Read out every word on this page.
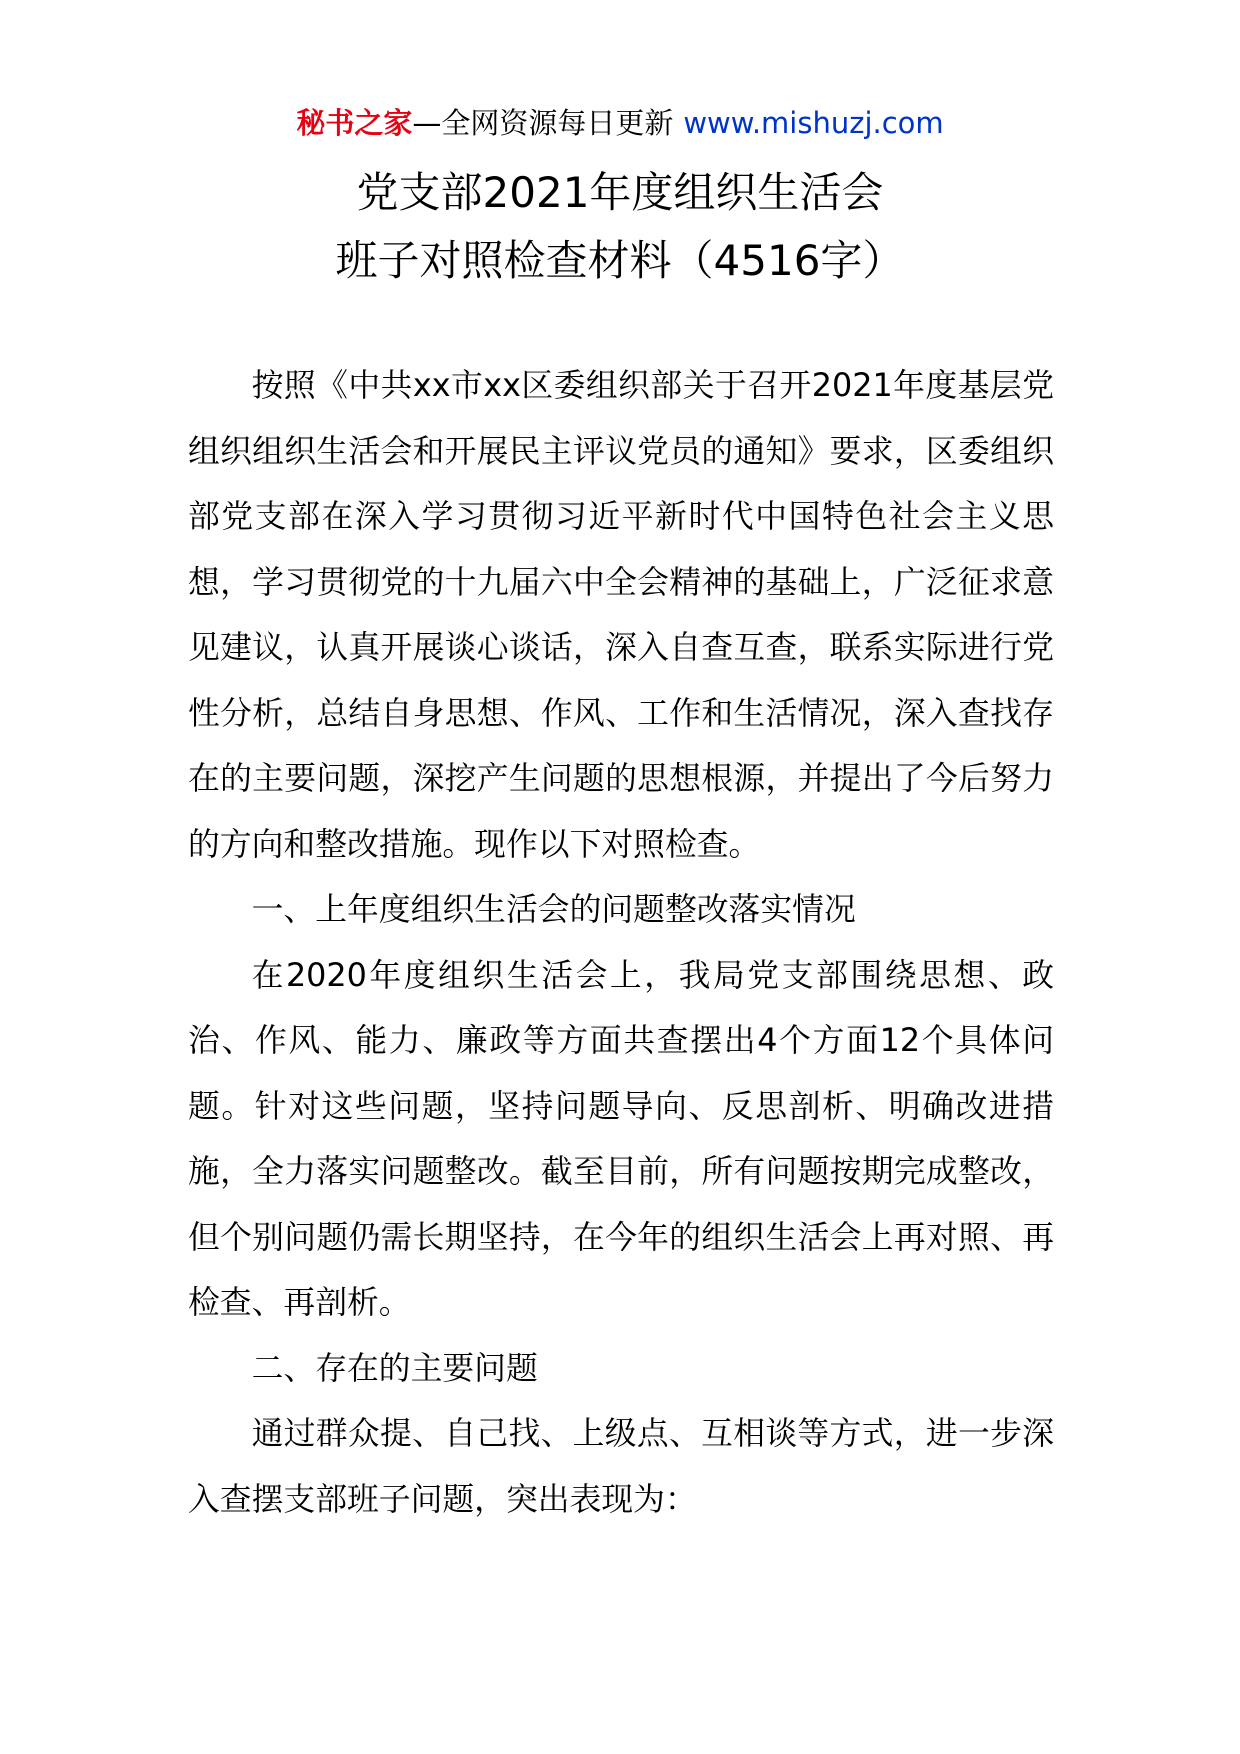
秘书之家—全网资源每日更新 www.mishuzj.com
党支部2021年度组织生活会
班子对照检查材料（4516字）

按照《中共xx市xx区委组织部关于召开2021年度基层党组织组织生活会和开展民主评议党员的通知》要求，区委组织部党支部在深入学习贯彻习近平新时代中国特色社会主义思想，学习贯彻党的十九届六中全会精神的基础上，广泛征求意见建议，认真开展谈心谈话，深入自查互查，联系实际进行党性分析，总结自身思想、作风、工作和生活情况，深入查找存在的主要问题，深挖产生问题的思想根源，并提出了今后努力的方向和整改措施。现作以下对照检查。

一、上年度组织生活会的问题整改落实情况

在2020年度组织生活会上，我局党支部围绕思想、政治、作风、能力、廉政等方面共查摆出4个方面12个具体问题。针对这些问题，坚持问题导向、反思剖析、明确改进措施，全力落实问题整改。截至目前，所有问题按期完成整改，但个别问题仍需长期坚持，在今年的组织生活会上再对照、再检查、再剖析。

二、存在的主要问题

通过群众提、自己找、上级点、互相谈等方式，进一步深入查摆支部班子问题，突出表现为：
